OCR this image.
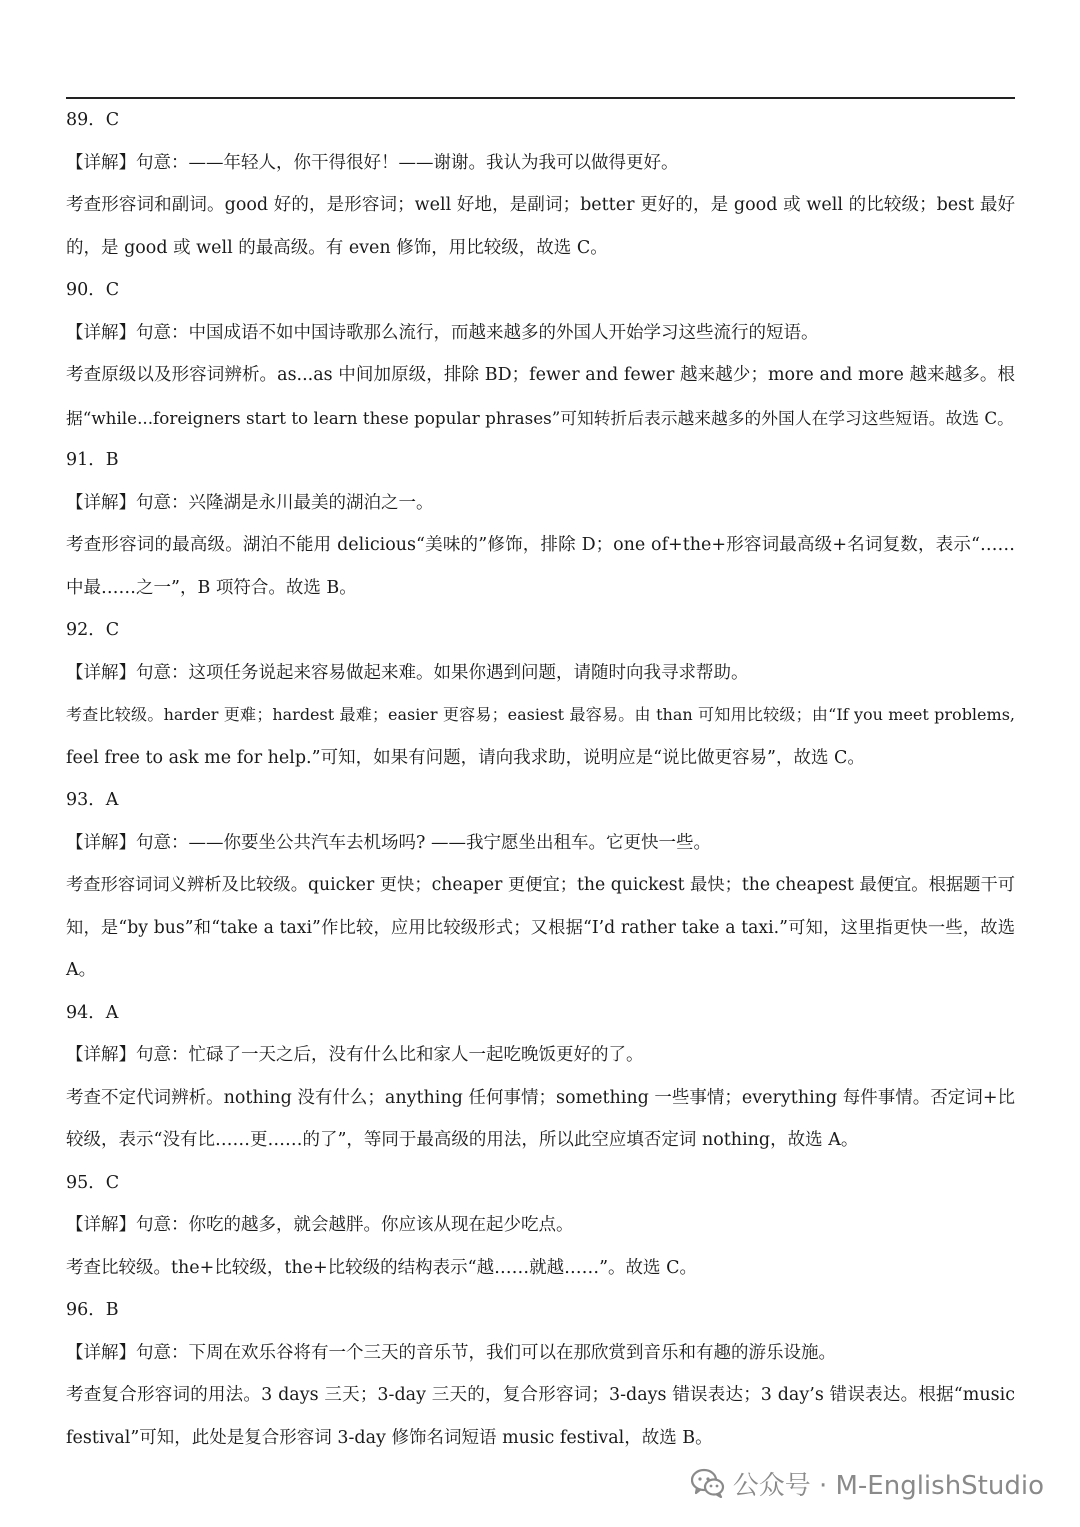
89．C
【详解】句意：——年轻人，你干得很好！——谢谢。我认为我可以做得更好。
考查形容词和副词。good 好的，是形容词；well 好地，是副词；better 更好的，是 good 或 well 的比较级；best 最好
的，是 good 或 well 的最高级。有 even 修饰，用比较级，故选 C。
90．C
【详解】句意：中国成语不如中国诗歌那么流行，而越来越多的外国人开始学习这些流行的短语。
考查原级以及形容词辨析。as...as 中间加原级，排除 BD；fewer and fewer 越来越少；more and more 越来越多。根
据“while...foreigners start to learn these popular phrases”可知转折后表示越来越多的外国人在学习这些短语。故选 C。
91．B
【详解】句意：兴隆湖是永川最美的湖泊之一。
考查形容词的最高级。湖泊不能用 delicious“美味的”修饰，排除 D；one of+the+形容词最高级+名词复数，表示“……
中最……之一”，B 项符合。故选 B。
92．C
【详解】句意：这项任务说起来容易做起来难。如果你遇到问题，请随时向我寻求帮助。
考查比较级。harder 更难；hardest 最难；easier 更容易；easiest 最容易。由 than 可知用比较级；由“If you meet problems,
feel free to ask me for help.”可知，如果有问题，请向我求助，说明应是“说比做更容易”，故选 C。
93．A
【详解】句意：——你要坐公共汽车去机场吗? ——我宁愿坐出租车。它更快一些。
考查形容词词义辨析及比较级。quicker 更快；cheaper 更便宜；the quickest 最快；the cheapest 最便宜。根据题干可
知，是“by bus”和“take a taxi”作比较，应用比较级形式；又根据“I’d rather take a taxi.”可知，这里指更快一些，故选
A。
94．A
【详解】句意：忙碌了一天之后，没有什么比和家人一起吃晚饭更好的了。
考查不定代词辨析。nothing 没有什么；anything 任何事情；something 一些事情；everything 每件事情。否定词+比
较级，表示“没有比……更……的了”，等同于最高级的用法，所以此空应填否定词 nothing，故选 A。
95．C
【详解】句意：你吃的越多，就会越胖。你应该从现在起少吃点。
考查比较级。the+比较级，the+比较级的结构表示“越……就越……”。故选 C。
96．B
【详解】句意：下周在欢乐谷将有一个三天的音乐节，我们可以在那欣赏到音乐和有趣的游乐设施。
考查复合形容词的用法。3 days 三天；3-day 三天的，复合形容词；3-days 错误表达；3 day’s 错误表达。根据“music
festival”可知，此处是复合形容词 3-day 修饰名词短语 music festival，故选 B。
公众号 · M-EnglishStudio
